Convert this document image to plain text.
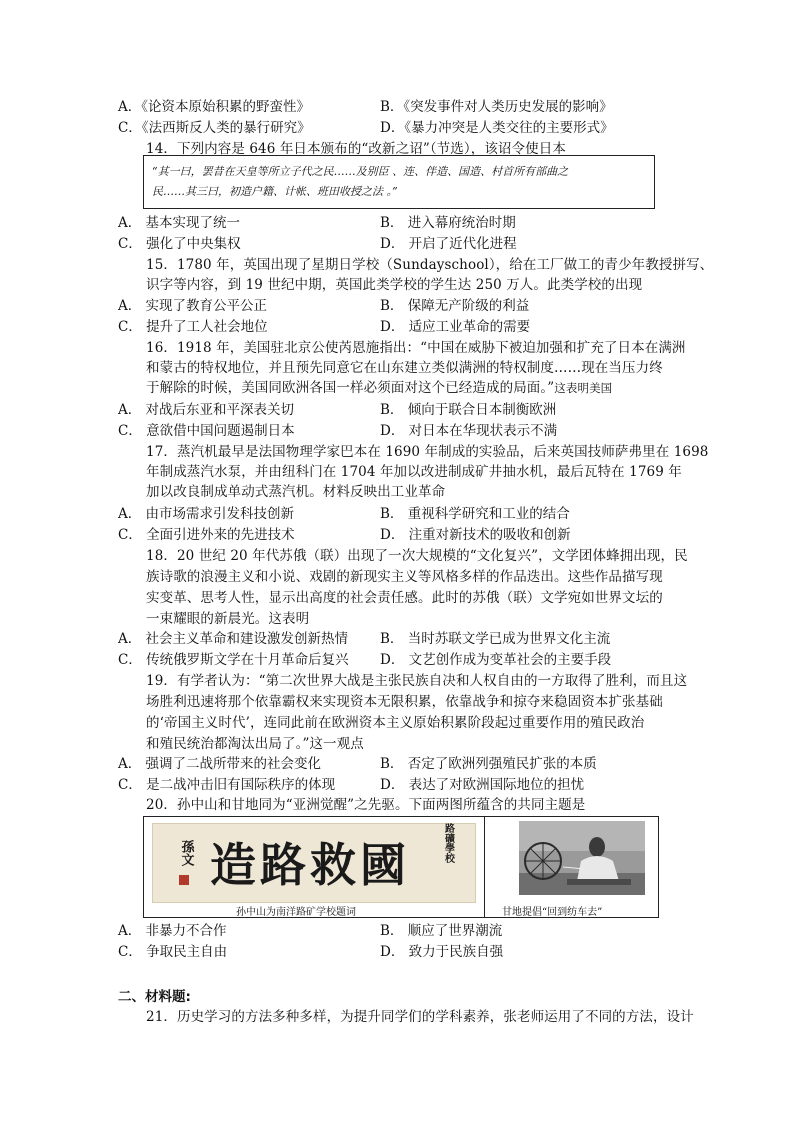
A．《论资本原始积累的野蛮性》	B．《突发事件对人类历史发展的影响》
C．《法西斯反人类的暴行研究》	D．《暴力冲突是人类交往的主要形式》
14．下列内容是 646 年日本颁布的“改新之诏”（节选），该诏令使日本
“其一曰，罢昔在天皇等所立子代之民……及别臣 、连、伴造、国造、村首所有部曲之
民……其三曰，初造户籍、计帐、班田收授之法 。”
A． 基本实现了统一	B． 进入幕府统治时期
C． 强化了中央集权	D． 开启了近代化进程
15．1780 年，英国出现了星期日学校（Sundayschool），给在工厂做工的青少年教授拼写、
识字等内容，到 19 世纪中期，英国此类学校的学生达 250 万人。此类学校的出现
A． 实现了教育公平公正	B． 保障无产阶级的利益
C． 提升了工人社会地位	D． 适应工业革命的需要
16．1918 年，美国驻北京公使芮恩施指出：“中国在威胁下被迫加强和扩充了日本在满洲
和蒙古的特权地位，并且预先同意它在山东建立类似满洲的特权制度……现在当压力终
于解除的时候，美国同欧洲各国一样必须面对这个已经造成的局面。”这表明美国
A． 对战后东亚和平深表关切	B． 倾向于联合日本制衡欧洲
C． 意欲借中国问题遏制日本	D． 对日本在华现状表示不满
17．蒸汽机最早是法国物理学家巴本在 1690 年制成的实验品，后来英国技师萨弗里在 1698
年制成蒸汽水泵，并由纽科门在 1704 年加以改进制成矿井抽水机，最后瓦特在 1769 年
加以改良制成单动式蒸汽机。材料反映出工业革命
A． 由市场需求引发科技创新	B． 重视科学研究和工业的结合
C． 全面引进外来的先进技术	D． 注重对新技术的吸收和创新
18．20 世纪 20 年代苏俄（联）出现了一次大规模的“文化复兴”，文学团体蜂拥出现，民
族诗歌的浪漫主义和小说、戏剧的新现实主义等风格多样的作品迭出。这些作品描写现
实变革、思考人性，显示出高度的社会责任感。此时的苏俄（联）文学宛如世界文坛的
一束耀眼的新晨光。这表明
A． 社会主义革命和建设激发创新热情 B． 当时苏联文学已成为世界文化主流
C． 传统俄罗斯文学在十月革命后复兴 D． 文艺创作成为变革社会的主要手段
19．有学者认为：“第二次世界大战是主张民族自决和人权自由的一方取得了胜利，而且这
场胜利迅速将那个依靠霸权来实现资本无限积累，依靠战争和掠夺来稳固资本扩张基础
的‘帝国主义时代’，连同此前在欧洲资本主义原始积累阶段起过重要作用的殖民政治
和殖民统治都淘汰出局了。”这一观点
A． 强调了二战所带来的社会变化	B． 否定了欧洲列强殖民扩张的本质
C． 是二战冲击旧有国际秩序的体现	D． 表达了对欧洲国际地位的担忧
20．孙中山和甘地同为“亚洲觉醒”之先驱。下面两图所蕴含的共同主题是
造路救國
孫文	南洋路礦學校
孙中山为南洋路矿学校题词	甘地提倡“回到纺车去”
A． 非暴力不合作	B． 顺应了世界潮流
C． 争取民主自由	D． 致力于民族自强
二、材料题:
21．历史学习的方法多种多样，为提升同学们的学科素养，张老师运用了不同的方法，设计
